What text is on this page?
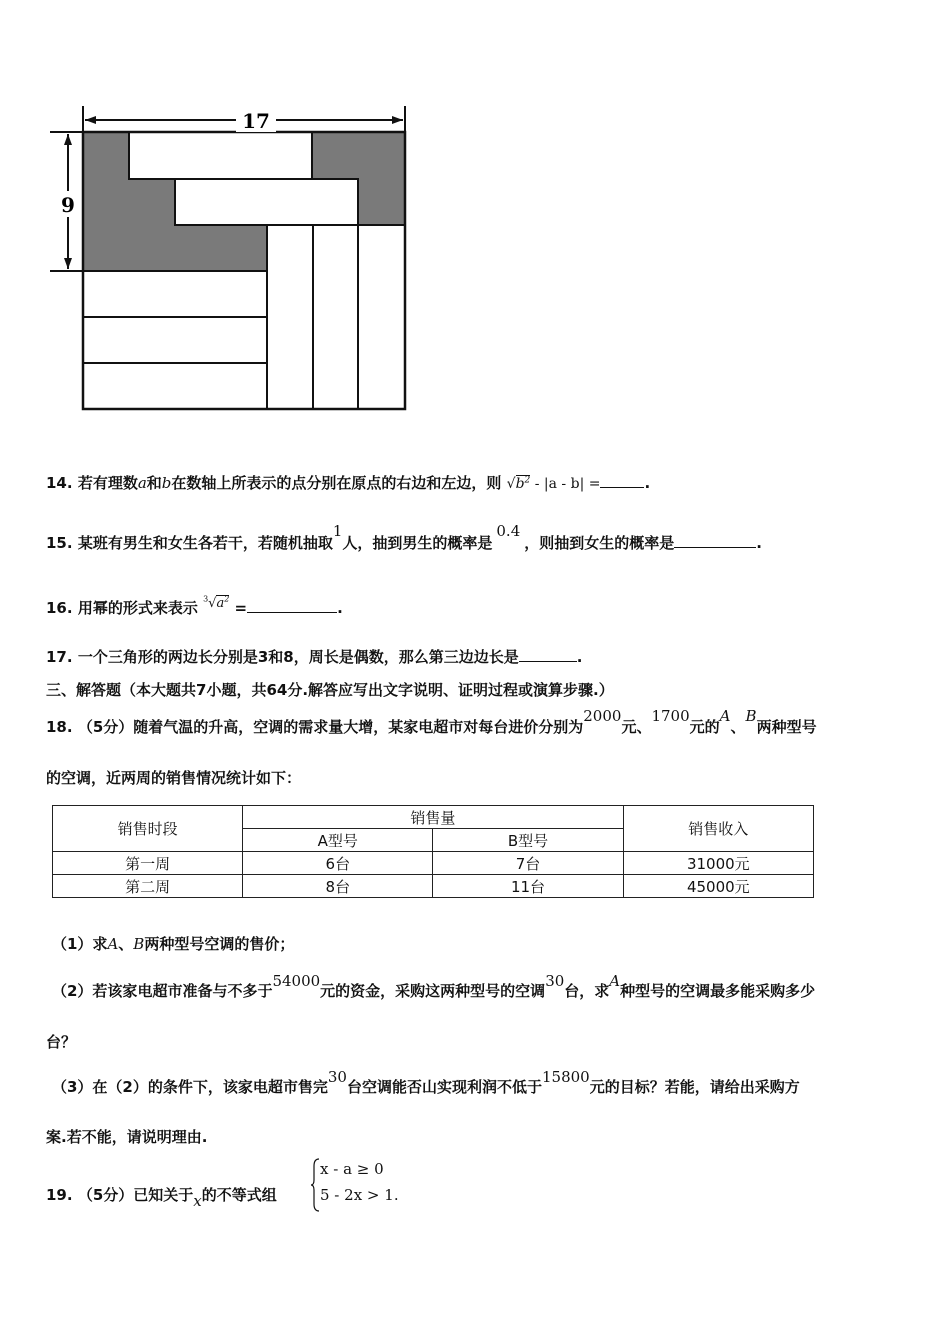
17
9
14. 若有理数a和b在数轴上所表示的点分别在原点的右边和左边，则 $√b^2 - |a - b|$ =	.
15. 某班有男生和女生各若干，若随机抽取1人，抽到男生的概率是0.4，则抽到女生的概率是	.
16. 用幂的形式来表示 $^3√a^2$ =	.
17. 一个三角形的两边长分别是3和8，周长是偶数，那么第三边边长是	.
三、解答题（本大题共7小题，共64分.解答应写出文字说明、证明过程或演算步骤.）
18. （5分）随着气温的升高，空调的需求量大增，某家电超市对每台进价分别为2000元、1700元的A、B两种型号
的空调，近两周的销售情况统计如下：
销售时段	销售量		销售收入
	A型号	B型号	
第一周	6台	7台	31000元
第二周	8台	11台	45000元
（1）求A、B两种型号空调的售价；
（2）若该家电超市准备与不多于54000元的资金，采购这两种型号的空调30台，求A种型号的空调最多能采购多少
台？
（3）在（2）的条件下，该家电超市售完30台空调能否山实现利润不低于15800元的目标？若能，请给出采购方
案.若不能，请说明理由.
19. （5分）已知关于x的不等式组
x - a ≥ 0
5 - 2x > 1.
